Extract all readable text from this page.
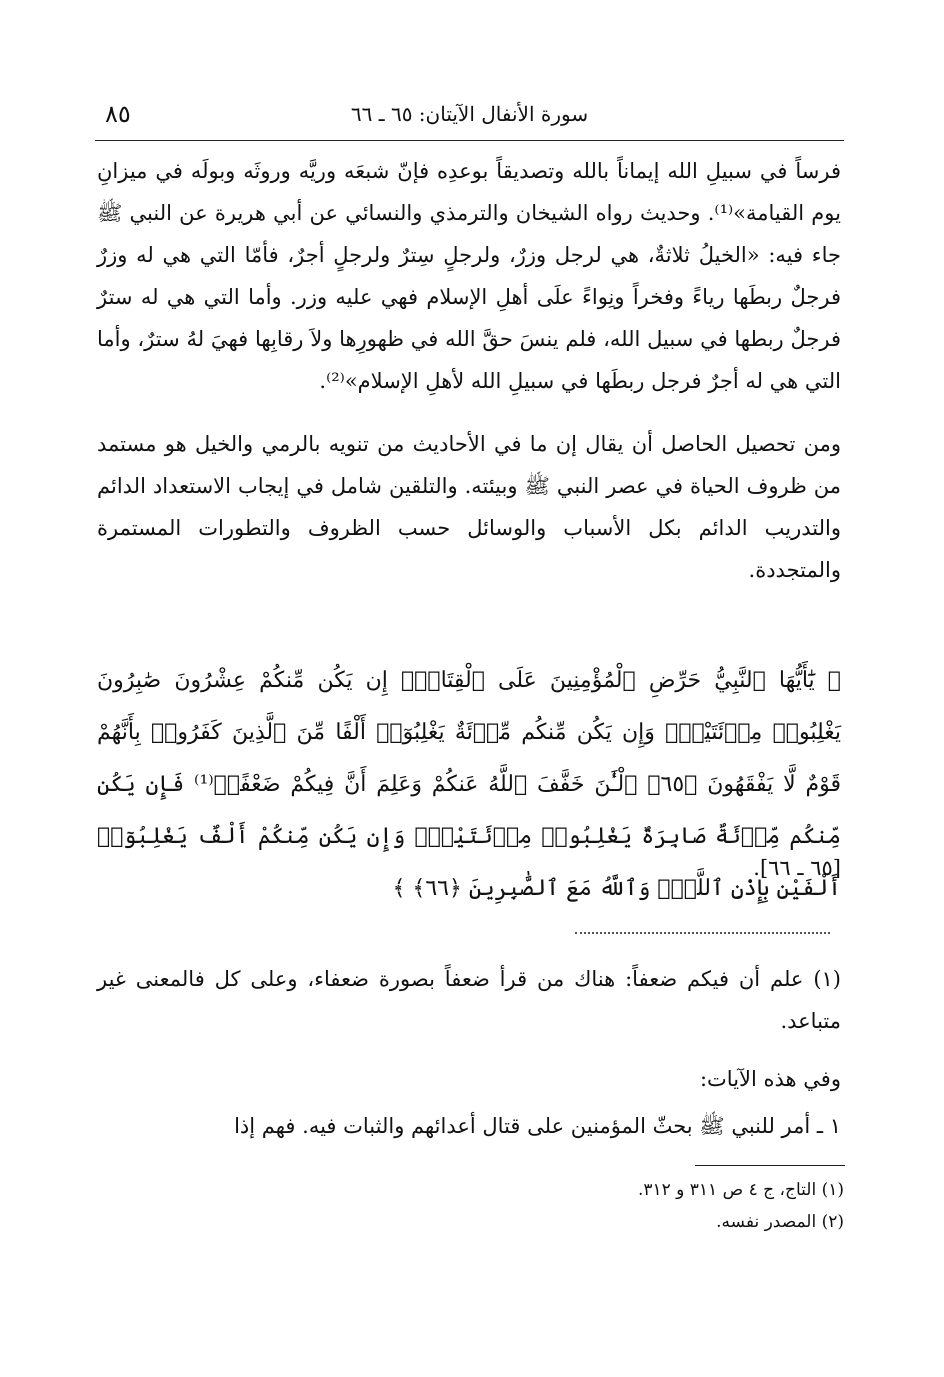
٨٥	سورة الأنفال الآيتان: ٦٥ ـ ٦٦
فرساً في سبيلِ الله إيماناً بالله وتصديقاً بوعدِه فإنّ شبعَه وريَّه وروثَه وبولَه في ميزانِ يوم القيامة»⁽¹⁾. وحديث رواه الشيخان والترمذي والنسائي عن أبي هريرة عن النبي ﷺ جاء فيه: «الخيلُ ثلاثةٌ، هي لرجل وزرٌ، ولرجلٍ سِترٌ ولرجلٍ أجرٌ، فأمّا التي هي له وزرٌ فرجلٌ ربطَها رياءً وفخراً ونِواءً علَى أهلِ الإسلام فهي عليه وزر. وأما التي هي له سترٌ فرجلٌ ربطها في سبيل الله، فلم ينسَ حقَّ الله في ظهورِها ولاَ رقابِها فهيَ لهُ سترٌ، وأما التي هي له أجرٌ فرجل ربطَها في سبيلِ الله لأهلِ الإسلام»⁽²⁾.
ومن تحصيل الحاصل أن يقال إن ما في الأحاديث من تنويه بالرمي والخيل هو مستمد من ظروف الحياة في عصر النبي ﷺ وبيئته. والتلقين شامل في إيجاب الاستعداد الدائم والتدريب الدائم بكل الأسباب والوسائل حسب الظروف والتطورات المستمرة والمتجددة.
﴿ يَٰٓأَيُّهَا ٱلنَّبِيُّ حَرِّضِ ٱلْمُؤْمِنِينَ عَلَى ٱلْقِتَالِۚ إِن يَكُن مِّنكُمْ عِشْرُونَ صَٰبِرُونَ يَغْلِبُوا۟ مِا۟ئَتَيْنِۚ وَإِن يَكُن مِّنكُم مِّا۟ئَةٌ يَغْلِبُوٓا۟ أَلْفًا مِّنَ ٱلَّذِينَ كَفَرُوا۟ بِأَنَّهُمْ قَوْمٌ لَّا يَفْقَهُونَ ﴿٦٥﴾ ٱلْـَٰٔنَ خَفَّفَ ٱللَّهُ عَنكُمْ وَعَلِمَ أَنَّ فِيكُمْ ضَعْفًاۚ⁽¹⁾ فَإِن يَكُن مِّنكُم مِّا۟ئَةٌ صَابِرَةٌ يَغْلِبُوا۟ مِا۟ئَتَيْنِۚ وَإِن يَكُن مِّنكُمْ أَلْفٌ يَغْلِبُوٓا۟ أَلْفَيْنِ بِإِذْنِ ٱللَّهِۗ وَٱللَّهُ مَعَ ٱلصَّٰبِرِينَ ﴿٦٦﴾ ﴾
[٦٥ ـ ٦٦].
(١) علم أن فيكم ضعفاً: هناك من قرأ ضعفاً بصورة ضعفاء، وعلى كل فالمعنى غير متباعد.
وفي هذه الآيات:
١ ـ أمر للنبي ﷺ بحثّ المؤمنين على قتال أعدائهم والثبات فيه. فهم إذا
(١) التاج، ج ٤ ص ٣١١ و ٣١٢.
(٢) المصدر نفسه.
